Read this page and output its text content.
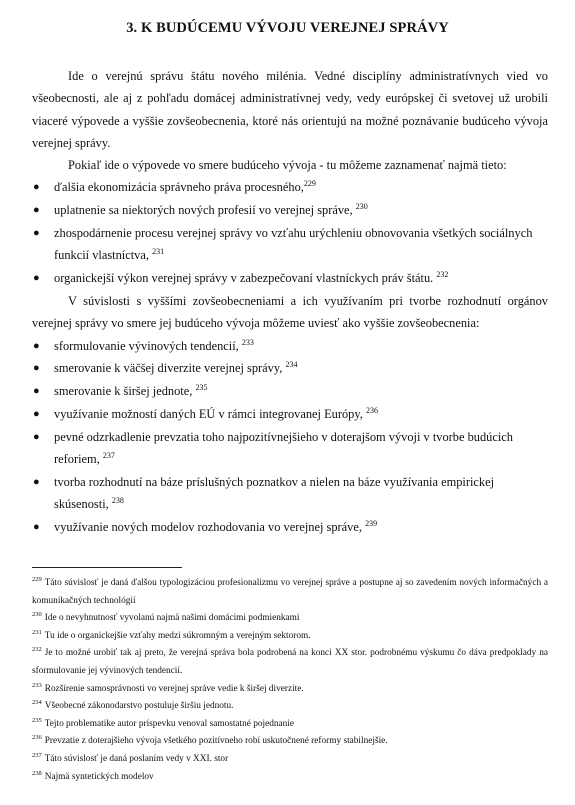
3. K BUDÚCEMU VÝVOJU VEREJNEJ SPRÁVY

Ide o verejnú správu štátu nového milénia. Vedné disciplíny administratívnych vied vo všeobecnosti, ale aj z pohľadu domácej administratívnej vedy, vedy európskej či svetovej už urobili viaceré výpovede a vyššie zovšeobecnenia, ktoré nás orientujú na možné poznávanie budúceho vývoja verejnej správy.

Pokiaľ ide o výpovede vo smere budúceho vývoja - tu môžeme zaznamenať najmä tieto:

● ďalšia ekonomizácia správneho práva procesného,$^{229}$
● uplatnenie sa niektorých nových profesií vo verejnej správe, $^{230}$
● zhospodárnenie procesu verejnej správy vo vzťahu urýchleniu obnovovania všetkých sociálnych funkcií vlastníctva, $^{231}$
● organickejší výkon verejnej správy v zabezpečovaní vlastníckych práv štátu. $^{232}$

V súvislosti s vyššími zovšeobecneniami a ich využívaním pri tvorbe rozhodnutí orgánov verejnej správy vo smere jej budúceho vývoja môžeme uviesť ako vyššie zovšeobecnenia:

● sformulovanie vývinových tendencií, $^{233}$
● smerovanie k väčšej diverzite verejnej správy, $^{234}$
● smerovanie k širšej jednote, $^{235}$
● využívanie možností daných EÚ v rámci integrovanej Európy, $^{236}$
● pevné odzrkadlenie prevzatia toho najpozitívnejšieho v doterajšom vývoji v tvorbe budúcich reforiem, $^{237}$
● tvorba rozhodnutí na báze príslušných poznatkov a nielen na báze využívania empirickej skúsenosti, $^{238}$
● využívanie nových modelov rozhodovania vo verejnej správe, $^{239}$

$^{229}$ Táto súvislosť je daná ďalšou typologizáciou profesionalizmu vo verejnej správe a postupne aj so zavedením nových informačných a komunikačných technológií

$^{230}$ Ide o nevyhnutnosť vyvolanú najmä našimi domácimi podmienkami

$^{231}$ Tu ide o organickejšie vzťahy medzi súkromným a verejným sektorom.

$^{232}$ Je to možné urobiť tak aj preto, že verejná správa bola podrobená na konci XX stor. podrobnému výskumu čo dáva predpoklady na sformulovanie jej vývinových tendencií.

$^{233}$ Rozšírenie samosprávnosti vo verejnej správe vedie k širšej diverzite.

$^{234}$ Všeobecné zákonodarstvo postuluje širšiu jednotu.

$^{235}$ Tejto problematike autor príspevku venoval samostatné pojednanie

$^{236}$ Prevzatie z doterajšieho vývoja všetkého pozitívneho robí uskutočnené reformy stabilnejšie.

$^{237}$ Táto súvislosť je daná poslaním vedy v XXI. stor

$^{238}$ Najmä syntetických modelov
